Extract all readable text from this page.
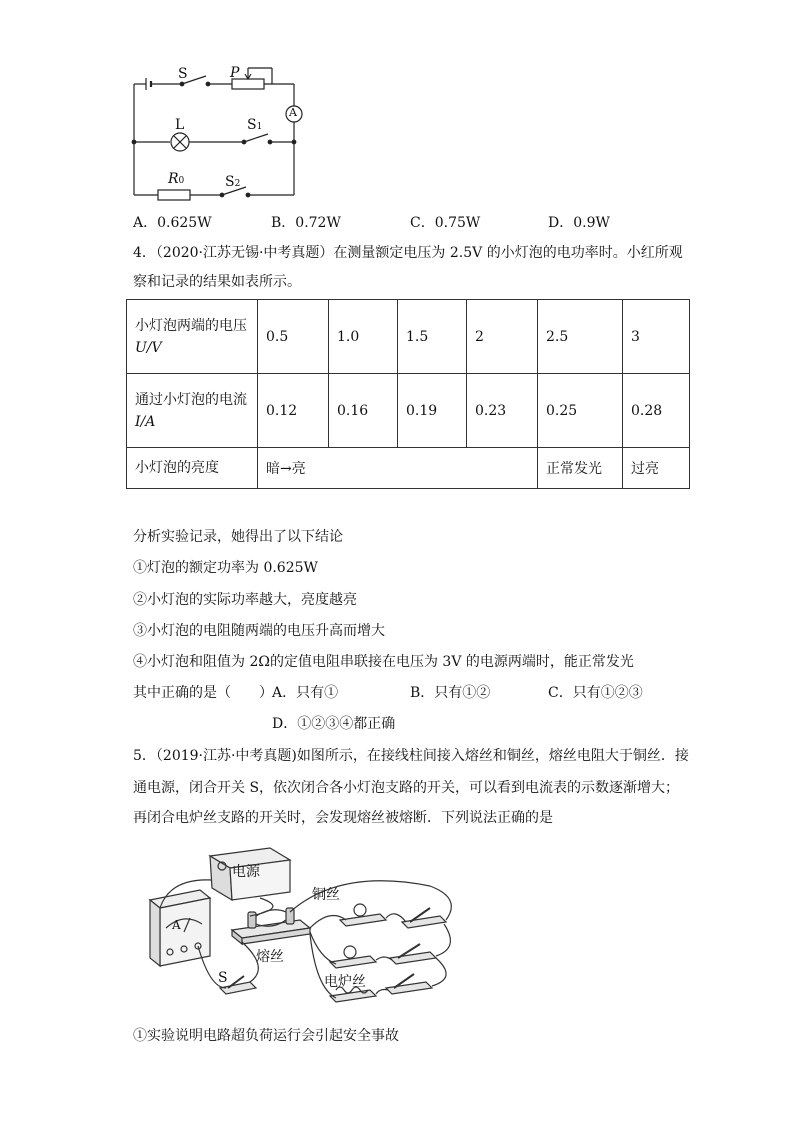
S	P
A
L	S1
R0	S2
A．0.625W	B．0.72W	C．0.75W	D．0.9W
4．（2020·江苏无锡·中考真题）在测量额定电压为 2.5V 的小灯泡的电功率时。小红所观
察和记录的结果如表所示。
小灯泡两端的电压
U/V	0.5	1.0	1.5	2	2.5	3

通过小灯泡的电流
I/A	0.12	0.16	0.19	0.23	0.25	0.28
小灯泡的亮度	暗→亮				正常发光	过亮
分析实验记录，她得出了以下结论
①灯泡的额定功率为 0.625W
②小灯泡的实际功率越大，亮度越亮
③小灯泡的电阻随两端的电压升高而增大
④小灯泡和阻值为 2Ω的定值电阻串联接在电压为 3V 的电源两端时，能正常发光
其中正确的是（　　） A．只有①	B．只有①②	C．只有①②③
D．①②③④都正确
5．（2019·江苏·中考真题)如图所示，在接线柱间接入熔丝和铜丝，熔丝电阻大于铜丝．接
通电源，闭合开关 S，依次闭合各小灯泡支路的开关，可以看到电流表的示数逐渐增大；
再闭合电炉丝支路的开关时，会发现熔丝被熔断．下列说法正确的是
电源
铜丝
A
熔丝
S	电炉丝
①实验说明电路超负荷运行会引起安全事故
